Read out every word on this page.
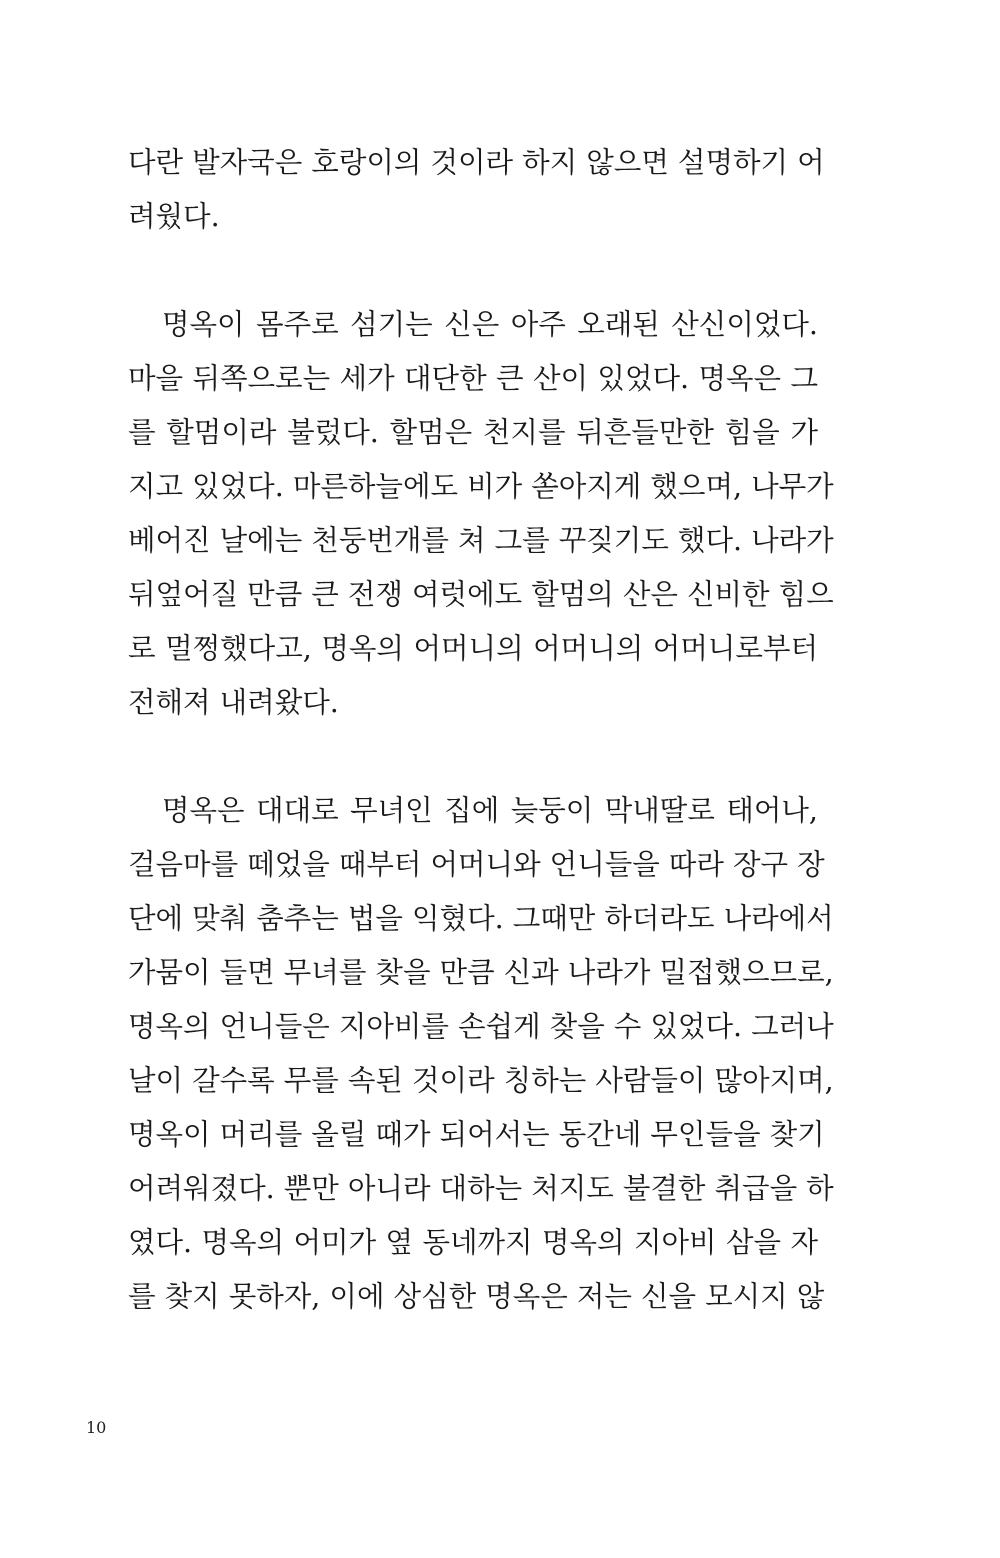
다란 발자국은 호랑이의 것이라 하지 않으면 설명하기 어
려웠다.
명옥이 몸주로 섬기는 신은 아주 오래된 산신이었다.
마을 뒤쪽으로는 세가 대단한 큰 산이 있었다. 명옥은 그
를 할멈이라 불렀다. 할멈은 천지를 뒤흔들만한 힘을 가
지고 있었다. 마른하늘에도 비가 쏟아지게 했으며, 나무가
베어진 날에는 천둥번개를 쳐 그를 꾸짖기도 했다. 나라가
뒤엎어질 만큼 큰 전쟁 여럿에도 할멈의 산은 신비한 힘으
로 멀쩡했다고, 명옥의 어머니의 어머니의 어머니로부터
전해져 내려왔다.
명옥은 대대로 무녀인 집에 늦둥이 막내딸로 태어나,
걸음마를 떼었을 때부터 어머니와 언니들을 따라 장구 장
단에 맞춰 춤추는 법을 익혔다. 그때만 하더라도 나라에서
가뭄이 들면 무녀를 찾을 만큼 신과 나라가 밀접했으므로,
명옥의 언니들은 지아비를 손쉽게 찾을 수 있었다. 그러나
날이 갈수록 무를 속된 것이라 칭하는 사람들이 많아지며,
명옥이 머리를 올릴 때가 되어서는 동간네 무인들을 찾기
어려워졌다. 뿐만 아니라 대하는 처지도 불결한 취급을 하
였다. 명옥의 어미가 옆 동네까지 명옥의 지아비 삼을 자
를 찾지 못하자, 이에 상심한 명옥은 저는 신을 모시지 않
10
